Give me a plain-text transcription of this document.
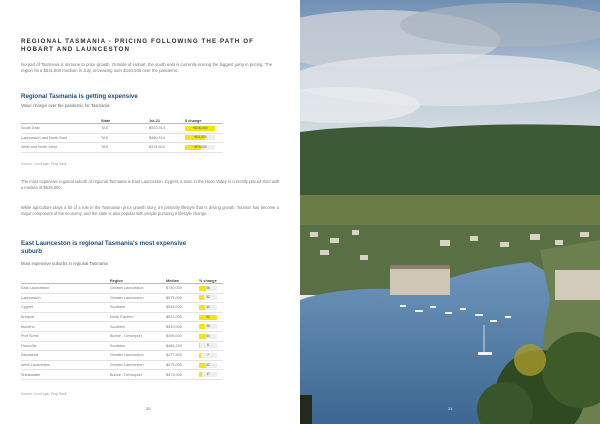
REGIONAL TASMANIA - PRICING FOLLOWING THE PATH OF HOBART AND LAUNCESTON
No part of Tasmania is immune to price growth. Outside of Hobart, the south east is currently among the biggest jump in pricing. The region hit a $511,000 medium in July, increasing over $140,000 over the pandemic.
Regional Tasmania is getting expensive
Value change over the pandemic for Tasmania
	State	Jul-21	$ change
South East	TAS	$510,914	+$140,000

Launceston and North East	TAS	$460,524	+$91,000

West and North West	TAS	$374,524	+$74,000
Source: CoreLogic, PropTrack
The most expensive regional suburb of regional Tasmania is East Launceston. Cygnet, a town in the Huon Valley is currently placed third with a median of $539,000.
While agriculture plays a bit of a role in the Tasmanian price growth story, it's primarily lifestyle that is driving growth. Tourism has become a major component of the economy, and the state is also popular with people pursuing a lifestyle change.
East Launceston is regional Tasmania's most expensive suburb
Most expensive suburbs in regional Tasmania
	Region	Median	% change
East Launceston	Greater Launceston	$750,000	46

Launceston	Greater Launceston	$575,000	32

Cygnet	Southern	$539,000	40

Bridport	North Eastern	$523,000	92

Bicheno	Southern	$520,000	38

Port Sorell	Burnie - Devonport	$495,000	44

Huonville	Southern	$486,250	6

Newstead	Greater Launceston	$477,500	7

West Launceston	Greater Launceston	$475,000	42

Shearwater	Burnie - Devonport	$473,000	17
Source: CoreLogic, PropTrack
20	21
